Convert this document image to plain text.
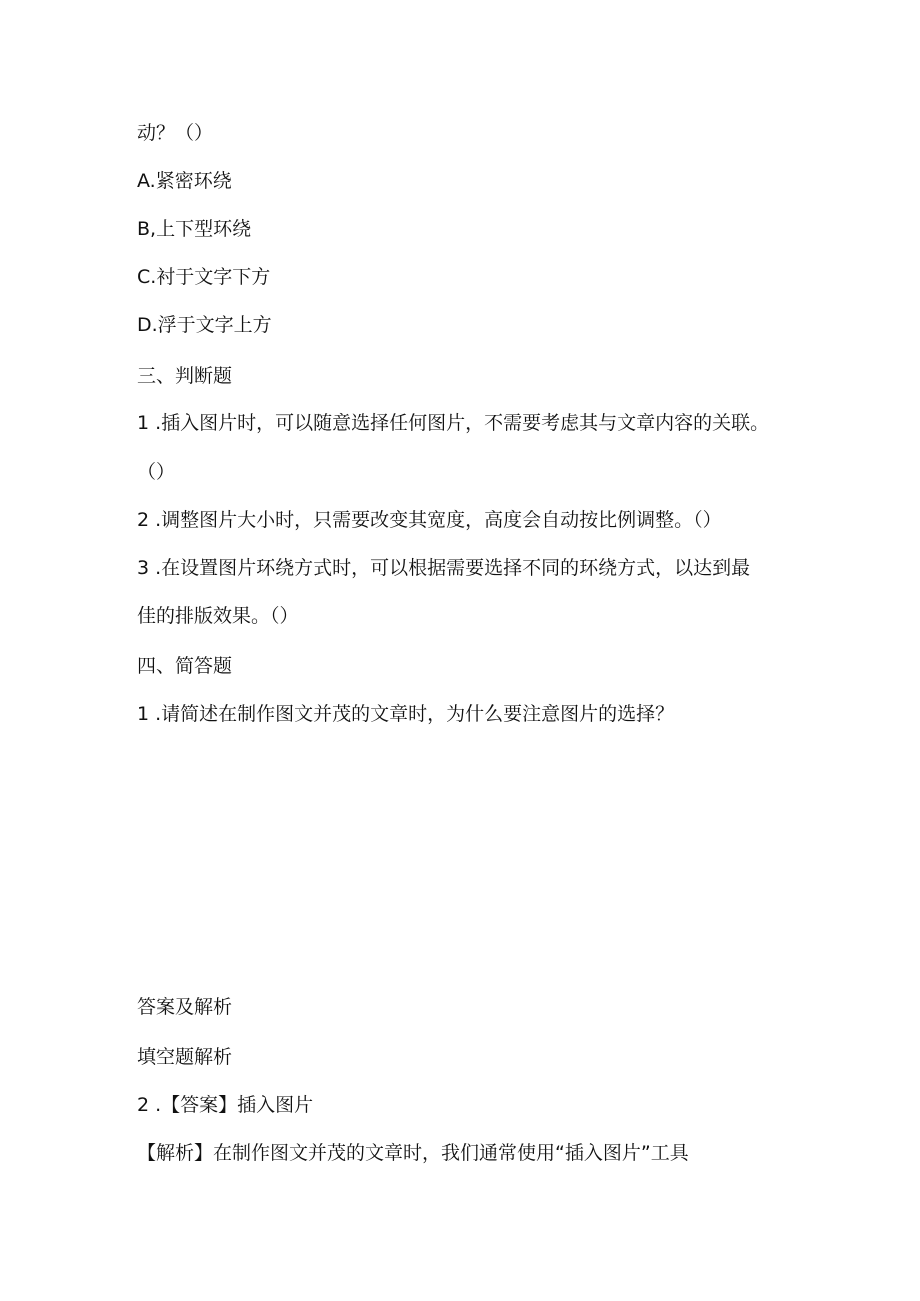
动？（）
A.紧密环绕
B,上下型环绕
C.衬于文字下方
D.浮于文字上方
三、判断题
1 .插入图片时，可以随意选择任何图片，不需要考虑其与文章内容的关联。
（）
2 .调整图片大小时，只需要改变其宽度，高度会自动按比例调整。（）
3 .在设置图片环绕方式时，可以根据需要选择不同的环绕方式，以达到最
佳的排版效果。（）
四、简答题
1 .请简述在制作图文并茂的文章时，为什么要注意图片的选择？
答案及解析
填空题解析
2 .【答案】插入图片
【解析】在制作图文并茂的文章时，我们通常使用“插入图片”工具
